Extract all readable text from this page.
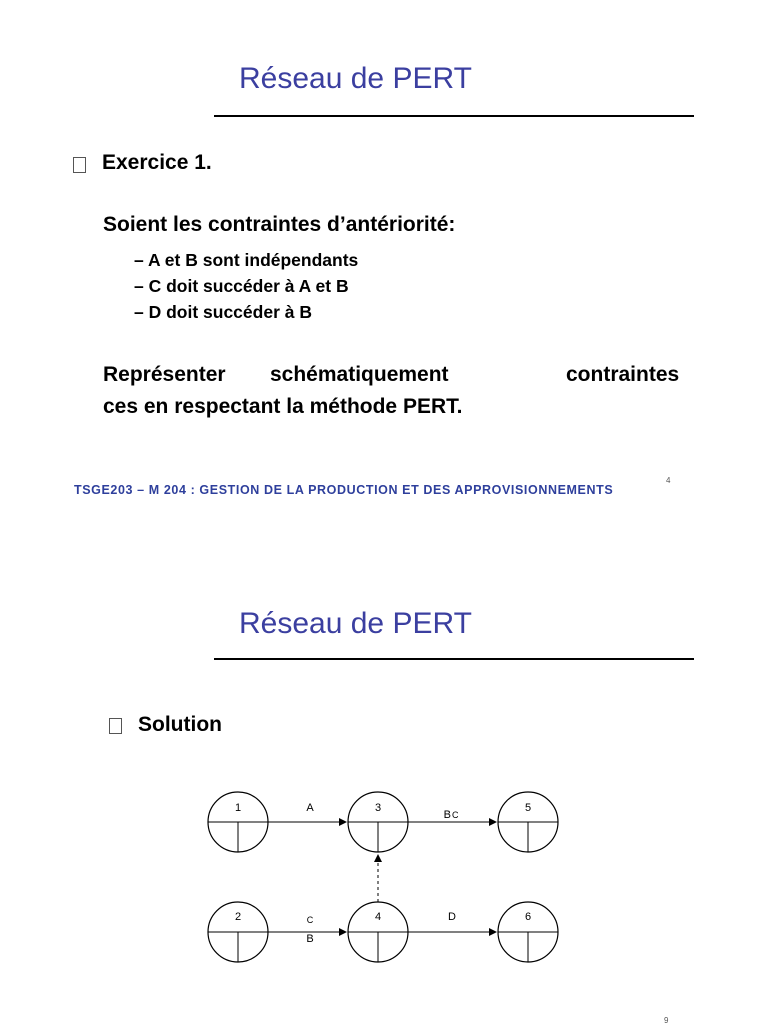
Réseau de PERT
Exercice 1.
Soient les contraintes d’antériorité:
– A et B sont indépendants
– C doit succéder à A et B
– D doit succéder à B
Représenter schématiquement	contraintes
ces en respectant la méthode PERT.
TSGE203 – M 204 : GESTION DE LA PRODUCTION ET DES APPROVISIONNEMENTS
4
Réseau de PERT
Solution
1	3	5
2	4	6
A
B C
C
B
D
9
